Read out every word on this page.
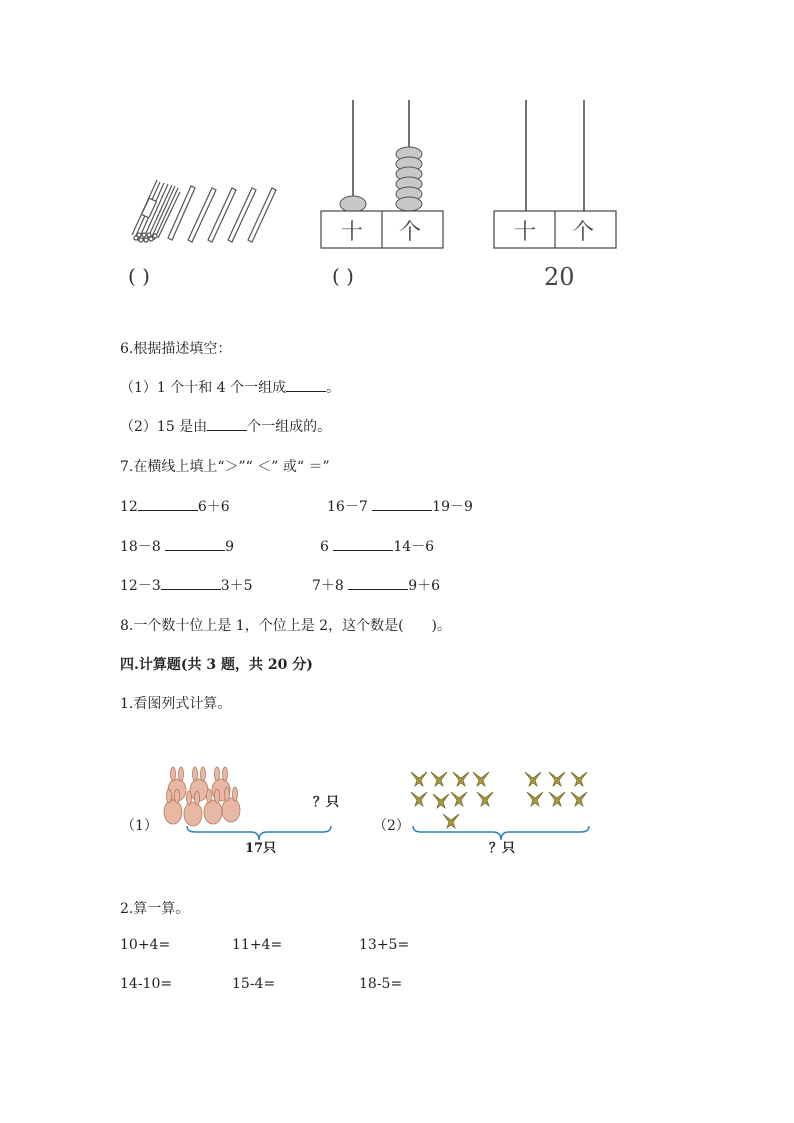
( )
十 个
( )
十 个
20
6.根据描述填空：
（1）1 个十和 4 个一组成	。
（2）15 是由	个一组成的。
7.在横线上填上“＞”“ ＜” 或“ ＝”
12	6＋6	16－7	19－9
18－8	9	6	14－6
12－3	3＋5	7＋8	9＋6
8.一个数十位上是 1，个位上是 2，这个数是(　　)。
四.计算题(共 3 题，共 20 分)
1.看图列式计算。
（1）
？只
17只
（2）
？只
2.算一算。
10+4=	11+4=	13+5=
14-10=	15-4=	18-5=
